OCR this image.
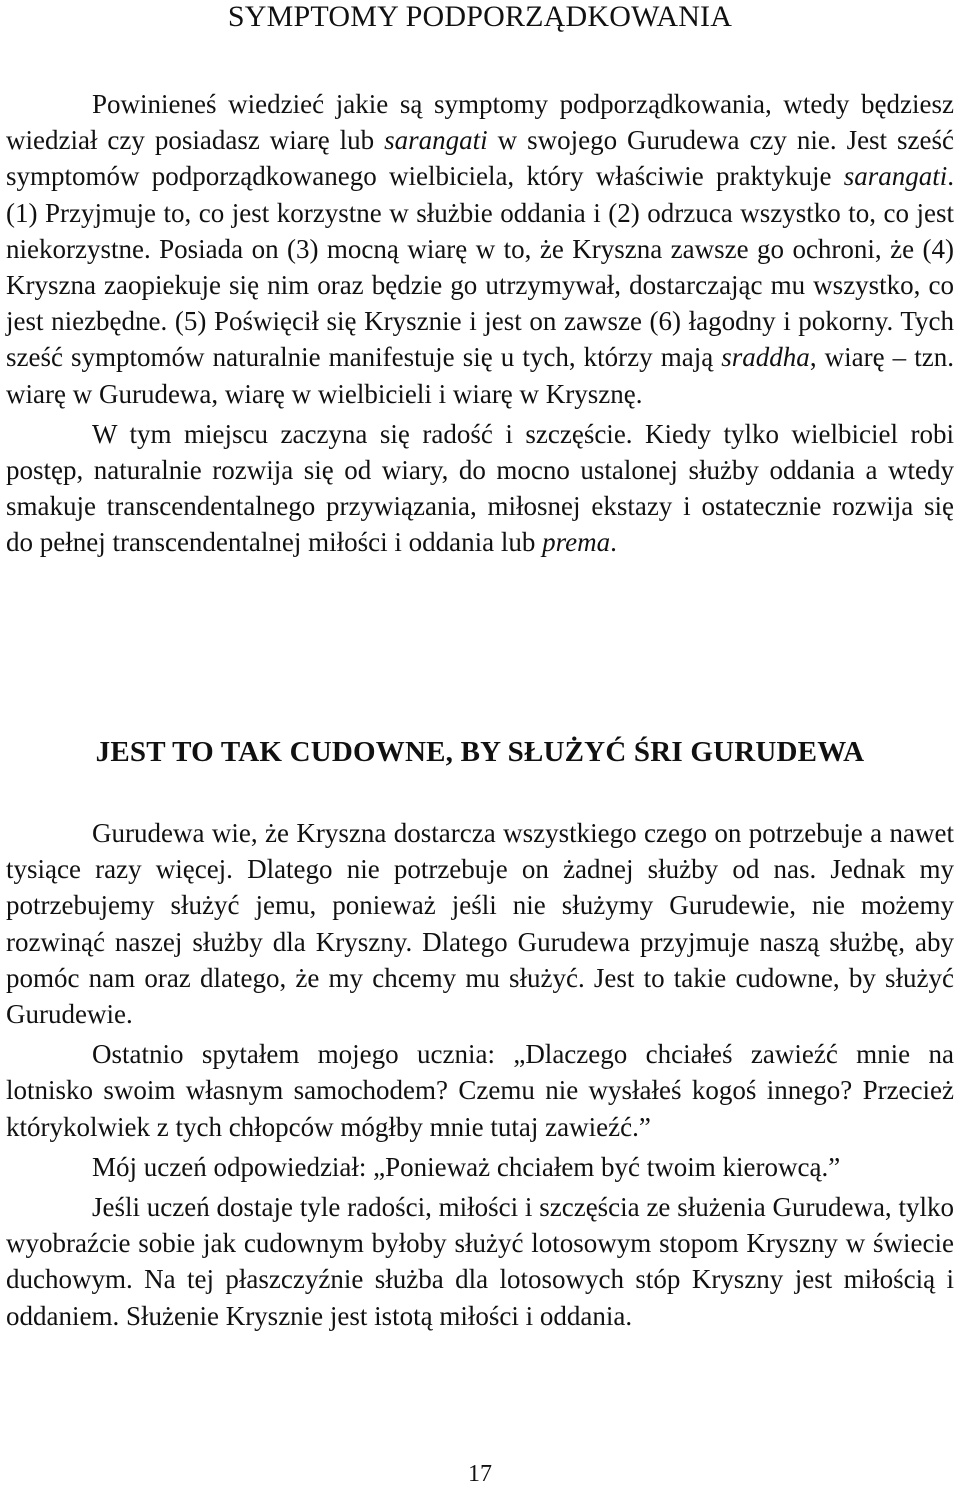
SYMPTOMY PODPORZĄDKOWANIA

Powinieneś wiedzieć jakie są symptomy podporządkowania, wtedy będziesz wiedział czy posiadasz wiarę lub sarangati w swojego Gurudewa czy nie. Jest sześć symptomów podporządkowanego wielbiciela, który właściwie praktykuje sarangati. (1) Przyjmuje to, co jest korzystne w służbie oddania i (2) odrzuca wszystko to, co jest niekorzystne. Posiada on (3) mocną wiarę w to, że Kryszna zawsze go ochroni, że (4) Kryszna zaopiekuje się nim oraz będzie go utrzymywał, dostarczając mu wszystko, co jest niezbędne. (5) Poświęcił się Krysznie i jest on zawsze (6) łagodny i pokorny. Tych sześć symptomów naturalnie manifestuje się u tych, którzy mają sraddha, wiarę – tzn. wiarę w Gurudewa, wiarę w wielbicieli i wiarę w Krysznę.

W tym miejscu zaczyna się radość i szczęście. Kiedy tylko wielbiciel robi postęp, naturalnie rozwija się od wiary, do mocno ustalonej służby oddania a wtedy smakuje transcendentalnego przywiązania, miłosnej ekstazy i ostatecznie rozwija się do pełnej transcendentalnej miłości i oddania lub prema.

JEST TO TAK CUDOWNE, BY SŁUŻYĆ ŚRI GURUDEWA

Gurudewa wie, że Kryszna dostarcza wszystkiego czego on potrzebuje a nawet tysiące razy więcej. Dlatego nie potrzebuje on żadnej służby od nas. Jednak my potrzebujemy służyć jemu, ponieważ jeśli nie służymy Gurudewie, nie możemy rozwinąć naszej służby dla Kryszny. Dlatego Gurudewa przyjmuje naszą służbę, aby pomóc nam oraz dlatego, że my chcemy mu służyć. Jest to takie cudowne, by służyć Gurudewie.

Ostatnio spytałem mojego ucznia: „Dlaczego chciałeś zawieźć mnie na lotnisko swoim własnym samochodem? Czemu nie wysłałeś kogoś innego? Przecież którykolwiek z tych chłopców mógłby mnie tutaj zawieźć.”

Mój uczeń odpowiedział: „Ponieważ chciałem być twoim kierowcą.”

Jeśli uczeń dostaje tyle radości, miłości i szczęścia ze służenia Gurudewa, tylko wyobraźcie sobie jak cudownym byłoby służyć lotosowym stopom Kryszny w świecie duchowym. Na tej płaszczyźnie służba dla lotosowych stóp Kryszny jest miłością i oddaniem. Służenie Krysznie jest istotą miłości i oddania.

17
